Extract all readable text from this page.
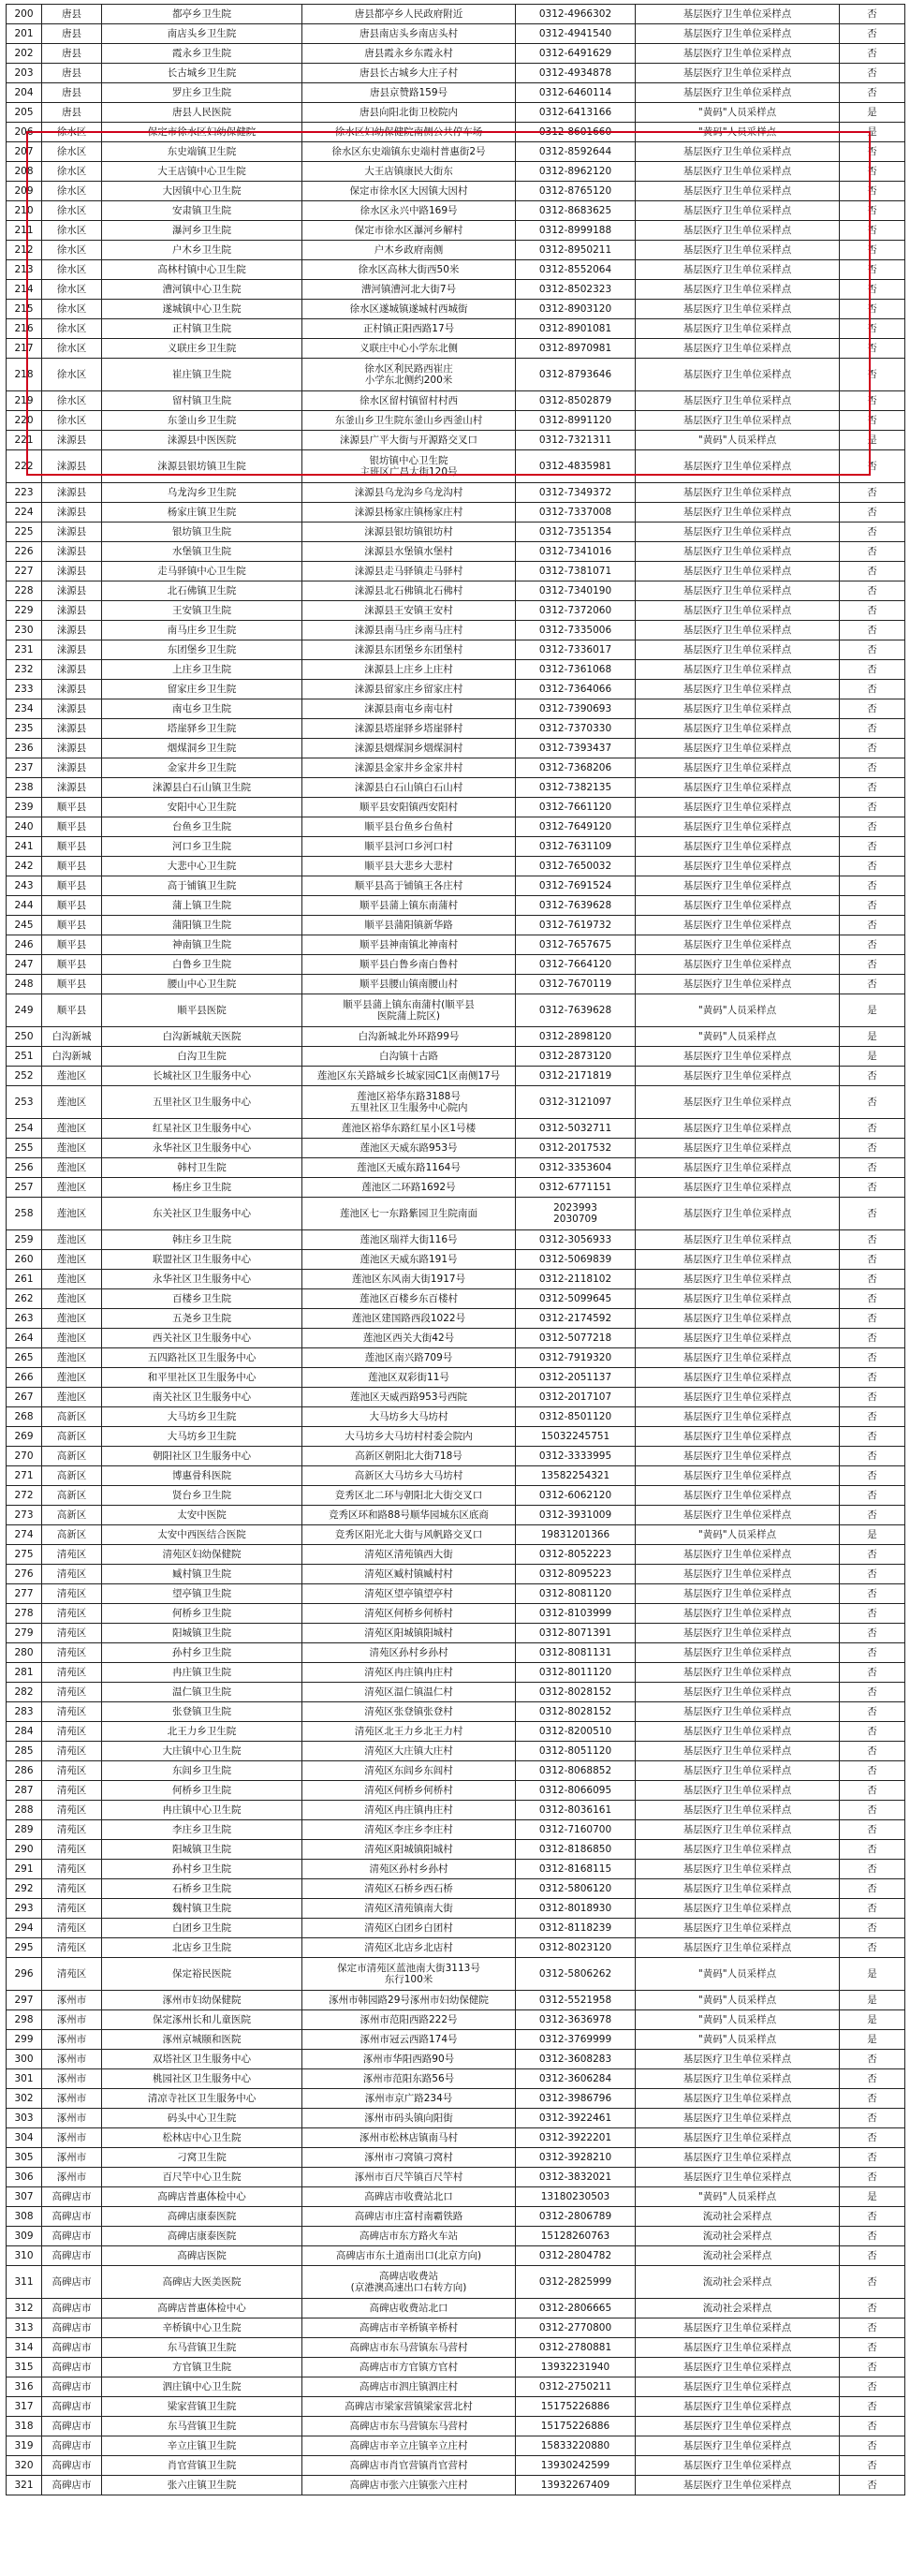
200	唐县	都亭乡卫生院	唐县都亭乡人民政府附近	0312-4966302	基层医疗卫生单位采样点	否
201	唐县	南店头乡卫生院	唐县南店头乡南店头村	0312-4941540	基层医疗卫生单位采样点	否
202	唐县	霞永乡卫生院	唐县霞永乡东霞永村	0312-6491629	基层医疗卫生单位采样点	否
203	唐县	长古城乡卫生院	唐县长古城乡大庄子村	0312-4934878	基层医疗卫生单位采样点	否
204	唐县	罗庄乡卫生院	唐县京赞路159号	0312-6460114	基层医疗卫生单位采样点	否
205	唐县	唐县人民医院	唐县向阳北街卫校院内	0312-6413166	"黄码"人员采样点	是
206	徐水区	保定市徐水区妇幼保健院	徐水区妇幼保健院南侧公共停车场	0312-8601660	"黄码"人员采样点	是
207	徐水区	东史端镇卫生院	徐水区东史端镇东史端村普惠街2号	0312-8592644	基层医疗卫生单位采样点	否
208	徐水区	大王店镇中心卫生院	大王店镇康民大街东	0312-8962120	基层医疗卫生单位采样点	否
209	徐水区	大因镇中心卫生院	保定市徐水区大因镇大因村	0312-8765120	基层医疗卫生单位采样点	否
210	徐水区	安肃镇卫生院	徐水区永兴中路169号	0312-8683625	基层医疗卫生单位采样点	否
211	徐水区	瀑河乡卫生院	保定市徐水区瀑河乡解村	0312-8999188	基层医疗卫生单位采样点	否
212	徐水区	户木乡卫生院	户木乡政府南侧	0312-8950211	基层医疗卫生单位采样点	否
213	徐水区	高林村镇中心卫生院	徐水区高林大街西50米	0312-8552064	基层医疗卫生单位采样点	否
214	徐水区	漕河镇中心卫生院	漕河镇漕河北大街7号	0312-8502323	基层医疗卫生单位采样点	否
215	徐水区	遂城镇中心卫生院	徐水区遂城镇遂城村西城街	0312-8903120	基层医疗卫生单位采样点	否
216	徐水区	正村镇卫生院	正村镇正阳西路17号	0312-8901081	基层医疗卫生单位采样点	否
217	徐水区	义联庄乡卫生院	义联庄中心小学东北侧	0312-8970981	基层医疗卫生单位采样点	否
218	徐水区	崔庄镇卫生院	徐水区利民路西崔庄
小学东北侧约200米	0312-8793646	基层医疗卫生单位采样点	否
219	徐水区	留村镇卫生院	徐水区留村镇留村村西	0312-8502879	基层医疗卫生单位采样点	否
220	徐水区	东釜山乡卫生院	东釜山乡卫生院东釜山乡西釜山村	0312-8991120	基层医疗卫生单位采样点	否
221	涞源县	涞源县中医医院	涞源县广平大街与开源路交叉口	0312-7321311	"黄码"人员采样点	是
222	涞源县	涞源县银坊镇卫生院	银坊镇中心卫生院
主班区广昌大街120号	0312-4835981	基层医疗卫生单位采样点	否
223	涞源县	乌龙沟乡卫生院	涞源县乌龙沟乡乌龙沟村	0312-7349372	基层医疗卫生单位采样点	否
224	涞源县	杨家庄镇卫生院	涞源县杨家庄镇杨家庄村	0312-7337008	基层医疗卫生单位采样点	否
225	涞源县	银坊镇卫生院	涞源县银坊镇银坊村	0312-7351354	基层医疗卫生单位采样点	否
226	涞源县	水堡镇卫生院	涞源县水堡镇水堡村	0312-7341016	基层医疗卫生单位采样点	否
227	涞源县	走马驿镇中心卫生院	涞源县走马驿镇走马驿村	0312-7381071	基层医疗卫生单位采样点	否
228	涞源县	北石佛镇卫生院	涞源县北石佛镇北石佛村	0312-7340190	基层医疗卫生单位采样点	否
229	涞源县	王安镇卫生院	涞源县王安镇王安村	0312-7372060	基层医疗卫生单位采样点	否
230	涞源县	南马庄乡卫生院	涞源县南马庄乡南马庄村	0312-7335006	基层医疗卫生单位采样点	否
231	涞源县	东团堡乡卫生院	涞源县东团堡乡东团堡村	0312-7336017	基层医疗卫生单位采样点	否
232	涞源县	上庄乡卫生院	涞源县上庄乡上庄村	0312-7361068	基层医疗卫生单位采样点	否
233	涞源县	留家庄乡卫生院	涞源县留家庄乡留家庄村	0312-7364066	基层医疗卫生单位采样点	否
234	涞源县	南屯乡卫生院	涞源县南屯乡南屯村	0312-7390693	基层医疗卫生单位采样点	否
235	涞源县	塔崖驿乡卫生院	涞源县塔崖驿乡塔崖驿村	0312-7370330	基层医疗卫生单位采样点	否
236	涞源县	烟煤洞乡卫生院	涞源县烟煤洞乡烟煤洞村	0312-7393437	基层医疗卫生单位采样点	否
237	涞源县	金家井乡卫生院	涞源县金家井乡金家井村	0312-7368206	基层医疗卫生单位采样点	否
238	涞源县	涞源县白石山镇卫生院	涞源县白石山镇白石山村	0312-7382135	基层医疗卫生单位采样点	否
239	顺平县	安阳中心卫生院	顺平县安阳镇西安阳村	0312-7661120	基层医疗卫生单位采样点	否
240	顺平县	台鱼乡卫生院	顺平县台鱼乡台鱼村	0312-7649120	基层医疗卫生单位采样点	否
241	顺平县	河口乡卫生院	顺平县河口乡河口村	0312-7631109	基层医疗卫生单位采样点	否
242	顺平县	大悲中心卫生院	顺平县大悲乡大悲村	0312-7650032	基层医疗卫生单位采样点	否
243	顺平县	高于铺镇卫生院	顺平县高于铺镇王各庄村	0312-7691524	基层医疗卫生单位采样点	否
244	顺平县	蒲上镇卫生院	顺平县蒲上镇东南蒲村	0312-7639628	基层医疗卫生单位采样点	否
245	顺平县	蒲阳镇卫生院	顺平县蒲阳镇新华路	0312-7619732	基层医疗卫生单位采样点	否
246	顺平县	神南镇卫生院	顺平县神南镇北神南村	0312-7657675	基层医疗卫生单位采样点	否
247	顺平县	白鲁乡卫生院	顺平县白鲁乡南白鲁村	0312-7664120	基层医疗卫生单位采样点	否
248	顺平县	腰山中心卫生院	顺平县腰山镇南腰山村	0312-7670119	基层医疗卫生单位采样点	否
249	顺平县	顺平县医院	顺平县蒲上镇东南蒲村(顺平县
医院蒲上院区)	0312-7639628	"黄码"人员采样点	是
250	白沟新城	白沟新城航天医院	白沟新城北外环路99号	0312-2898120	"黄码"人员采样点	是
251	白沟新城	白沟卫生院	白沟镇十古路	0312-2873120	基层医疗卫生单位采样点	是
252	莲池区	长城社区卫生服务中心	莲池区东关路城乡长城家园C1区南侧17号	0312-2171819	基层医疗卫生单位采样点	否
253	莲池区	五里社区卫生服务中心	莲池区裕华东路3188号
五里社区卫生服务中心院内	0312-3121097	基层医疗卫生单位采样点	否
254	莲池区	红星社区卫生服务中心	莲池区裕华东路红星小区1号楼	0312-5032711	基层医疗卫生单位采样点	否
255	莲池区	永华社区卫生服务中心	莲池区天威东路953号	0312-2017532	基层医疗卫生单位采样点	否
256	莲池区	韩村卫生院	莲池区天威东路1164号	0312-3353604	基层医疗卫生单位采样点	否
257	莲池区	杨庄乡卫生院	莲池区二环路1692号	0312-6771151	基层医疗卫生单位采样点	否
258	莲池区	东关社区卫生服务中心	莲池区七一东路紫园卫生院南面	2023993
2030709	基层医疗卫生单位采样点	否
259	莲池区	韩庄乡卫生院	莲池区瑞祥大街116号	0312-3056933	基层医疗卫生单位采样点	否
260	莲池区	联盟社区卫生服务中心	莲池区天威东路191号	0312-5069839	基层医疗卫生单位采样点	否
261	莲池区	永华社区卫生服务中心	莲池区东风南大街1917号	0312-2118102	基层医疗卫生单位采样点	否
262	莲池区	百楼乡卫生院	莲池区百楼乡东百楼村	0312-5099645	基层医疗卫生单位采样点	否
263	莲池区	五尧乡卫生院	莲池区建国路西段1022号	0312-2174592	基层医疗卫生单位采样点	否
264	莲池区	西关社区卫生服务中心	莲池区西关大街42号	0312-5077218	基层医疗卫生单位采样点	否
265	莲池区	五四路社区卫生服务中心	莲池区南兴路709号	0312-7919320	基层医疗卫生单位采样点	否
266	莲池区	和平里社区卫生服务中心	莲池区双彩街11号	0312-2051137	基层医疗卫生单位采样点	否
267	莲池区	南关社区卫生服务中心	莲池区天威西路953号西院	0312-2017107	基层医疗卫生单位采样点	否
268	高新区	大马坊乡卫生院	大马坊乡大马坊村	0312-8501120	基层医疗卫生单位采样点	否
269	高新区	大马坊乡卫生院	大马坊乡大马坊村村委会院内	15032245751	基层医疗卫生单位采样点	否
270	高新区	朝阳社区卫生服务中心	高新区朝阳北大街718号	0312-3333995	基层医疗卫生单位采样点	否
271	高新区	博惠骨科医院	高新区大马坊乡大马坊村	13582254321	基层医疗卫生单位采样点	否
272	高新区	贤台乡卫生院	竞秀区北二环与朝阳北大街交叉口	0312-6062120	基层医疗卫生单位采样点	否
273	高新区	太安中医院	竞秀区环和路88号顺华园城东区底商	0312-3931009	基层医疗卫生单位采样点	否
274	高新区	太安中西医结合医院	竞秀区阳光北大街与风帆路交叉口	19831201366	"黄码"人员采样点	是
275	清苑区	清苑区妇幼保健院	清苑区清苑镇西大街	0312-8052223	基层医疗卫生单位采样点	否
276	清苑区	臧村镇卫生院	清苑区臧村镇臧村村	0312-8095223	基层医疗卫生单位采样点	否
277	清苑区	望亭镇卫生院	清苑区望亭镇望亭村	0312-8081120	基层医疗卫生单位采样点	否
278	清苑区	何桥乡卫生院	清苑区何桥乡何桥村	0312-8103999	基层医疗卫生单位采样点	否
279	清苑区	阳城镇卫生院	清苑区阳城镇阳城村	0312-8071391	基层医疗卫生单位采样点	否
280	清苑区	孙村乡卫生院	清苑区孙村乡孙村	0312-8081131	基层医疗卫生单位采样点	否
281	清苑区	冉庄镇卫生院	清苑区冉庄镇冉庄村	0312-8011120	基层医疗卫生单位采样点	否
282	清苑区	温仁镇卫生院	清苑区温仁镇温仁村	0312-8028152	基层医疗卫生单位采样点	否
283	清苑区	张登镇卫生院	清苑区张登镇张登村	0312-8028152	基层医疗卫生单位采样点	否
284	清苑区	北王力乡卫生院	清苑区北王力乡北王力村	0312-8200510	基层医疗卫生单位采样点	否
285	清苑区	大庄镇中心卫生院	清苑区大庄镇大庄村	0312-8051120	基层医疗卫生单位采样点	否
286	清苑区	东闾乡卫生院	清苑区东闾乡东闾村	0312-8068852	基层医疗卫生单位采样点	否
287	清苑区	何桥乡卫生院	清苑区何桥乡何桥村	0312-8066095	基层医疗卫生单位采样点	否
288	清苑区	冉庄镇中心卫生院	清苑区冉庄镇冉庄村	0312-8036161	基层医疗卫生单位采样点	否
289	清苑区	李庄乡卫生院	清苑区李庄乡李庄村	0312-7160700	基层医疗卫生单位采样点	否
290	清苑区	阳城镇卫生院	清苑区阳城镇阳城村	0312-8186850	基层医疗卫生单位采样点	否
291	清苑区	孙村乡卫生院	清苑区孙村乡孙村	0312-8168115	基层医疗卫生单位采样点	否
292	清苑区	石桥乡卫生院	清苑区石桥乡西石桥	0312-5806120	基层医疗卫生单位采样点	否
293	清苑区	魏村镇卫生院	清苑区清苑镇南大街	0312-8018930	基层医疗卫生单位采样点	否
294	清苑区	白团乡卫生院	清苑区白团乡白团村	0312-8118239	基层医疗卫生单位采样点	否
295	清苑区	北店乡卫生院	清苑区北店乡北店村	0312-8023120	基层医疗卫生单位采样点	否
296	清苑区	保定裕民医院	保定市清苑区蓝池南大街3113号
东行100米	0312-5806262	"黄码"人员采样点	是
297	涿州市	涿州市妇幼保健院	涿州市韩园路29号涿州市妇幼保健院	0312-5521958	"黄码"人员采样点	是
298	涿州市	保定涿州长和儿童医院	涿州市范阳西路222号	0312-3636978	"黄码"人员采样点	是
299	涿州市	涿州京城颐和医院	涿州市冠云西路174号	0312-3769999	"黄码"人员采样点	是
300	涿州市	双塔社区卫生服务中心	涿州市华阳西路90号	0312-3608283	基层医疗卫生单位采样点	否
301	涿州市	桃园社区卫生服务中心	涿州市范阳东路56号	0312-3606284	基层医疗卫生单位采样点	否
302	涿州市	清凉寺社区卫生服务中心	涿州市京广路234号	0312-3986796	基层医疗卫生单位采样点	否
303	涿州市	码头中心卫生院	涿州市码头镇向阳街	0312-3922461	基层医疗卫生单位采样点	否
304	涿州市	松林店中心卫生院	涿州市松林店镇南马村	0312-3922201	基层医疗卫生单位采样点	否
305	涿州市	刁窝卫生院	涿州市刁窝镇刁窝村	0312-3928210	基层医疗卫生单位采样点	否
306	涿州市	百尺竿中心卫生院	涿州市百尺竿镇百尺竿村	0312-3832021	基层医疗卫生单位采样点	否
307	高碑店市	高碑店普惠体检中心	高碑店市收费站北口	13180230503	"黄码"人员采样点	是
308	高碑店市	高碑店康泰医院	高碑店市庄富村南霸铁路	0312-2806789	流动社会采样点	否
309	高碑店市	高碑店康泰医院	高碑店市东方路火车站	15128260763	流动社会采样点	否
310	高碑店市	高碑店医院	高碑店市东土道南出口(北京方向)	0312-2804782	流动社会采样点	否
311	高碑店市	高碑店大医美医院	高碑店收费站
(京港澳高速出口右转方向)	0312-2825999	流动社会采样点	否
312	高碑店市	高碑店普惠体检中心	高碑店收费站北口	0312-2806665	流动社会采样点	否
313	高碑店市	辛桥镇中心卫生院	高碑店市辛桥镇辛桥村	0312-2770800	基层医疗卫生单位采样点	否
314	高碑店市	东马营镇卫生院	高碑店市东马营镇东马营村	0312-2780881	基层医疗卫生单位采样点	否
315	高碑店市	方官镇卫生院	高碑店市方官镇方官村	13932231940	基层医疗卫生单位采样点	否
316	高碑店市	泗庄镇中心卫生院	高碑店市泗庄镇泗庄村	0312-2750211	基层医疗卫生单位采样点	否
317	高碑店市	梁家营镇卫生院	高碑店市梁家营镇梁家营北村	15175226886	基层医疗卫生单位采样点	否
318	高碑店市	东马营镇卫生院	高碑店市东马营镇东马营村	15175226886	基层医疗卫生单位采样点	否
319	高碑店市	辛立庄镇卫生院	高碑店市辛立庄镇辛立庄村	15833220880	基层医疗卫生单位采样点	否
320	高碑店市	肖官营镇卫生院	高碑店市肖官营镇肖官营村	13930242599	基层医疗卫生单位采样点	否
321	高碑店市	张六庄镇卫生院	高碑店市张六庄镇张六庄村	13932267409	基层医疗卫生单位采样点	否
